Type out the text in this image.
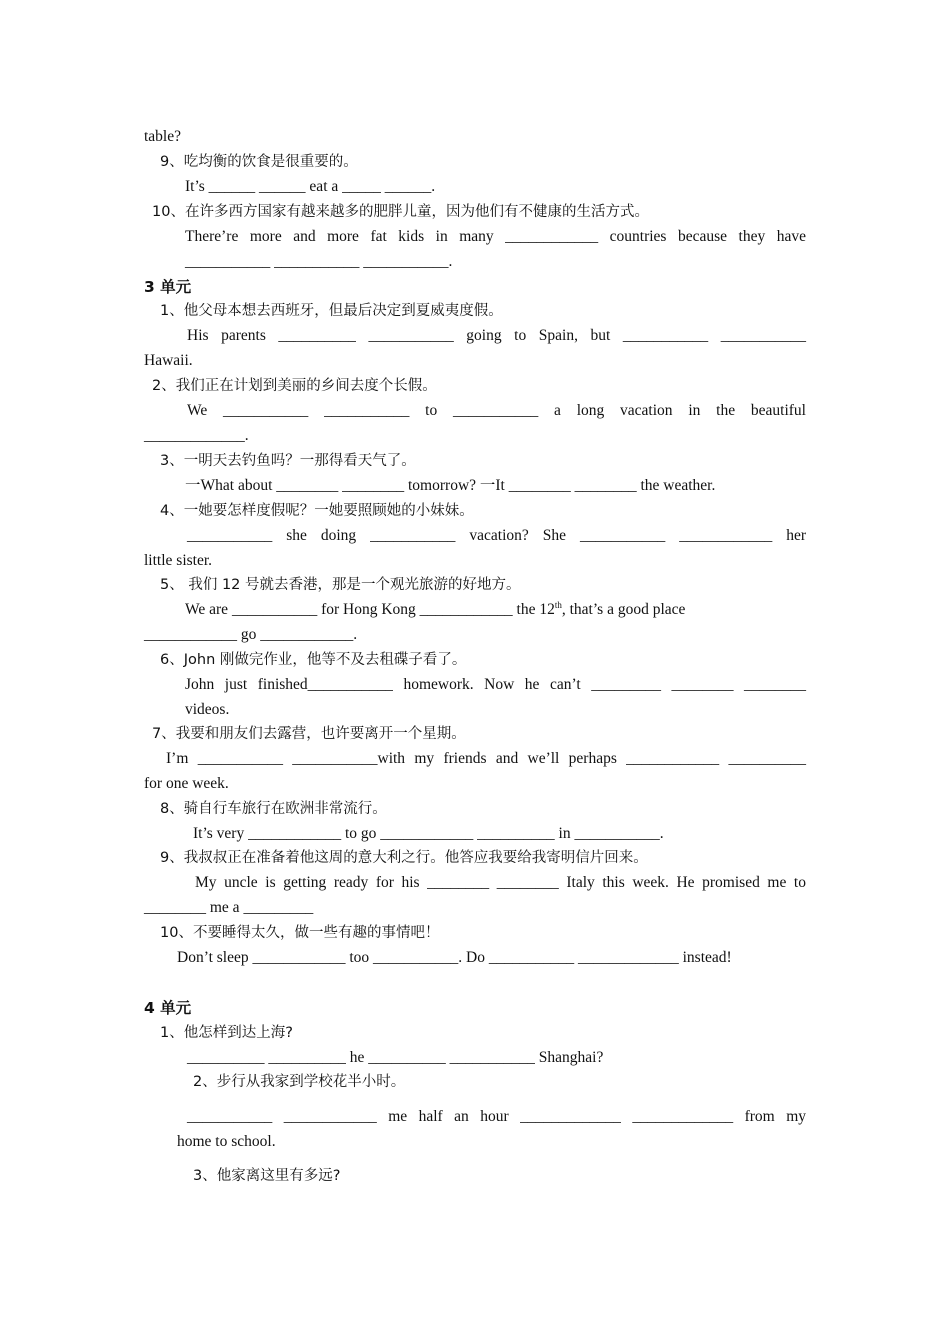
table?
9、吃均衡的饮食是很重要的。
It’s ______ ______ eat a _____ ______.
10、在许多西方国家有越来越多的肥胖儿童，因为他们有不健康的生活方式。
There’re more and more fat kids in many ____________ countries because they have
___________ ___________ ___________.
3 单元
1、他父母本想去西班牙，但最后决定到夏威夷度假。
His parents __________ ___________ going to Spain, but ___________ ___________
Hawaii.
2、我们正在计划到美丽的乡间去度个长假。
We ___________ ___________ to ___________ a long vacation in the beautiful
_____________.
3、一明天去钓鱼吗？一那得看天气了。
一What about ________ ________ tomorrow? 一It ________ ________ the weather.
4、一她要怎样度假呢？一她要照顾她的小妹妹。
___________ she doing ___________ vacation? She ___________ ____________ her
little sister.
5、 我们 12 号就去香港，那是一个观光旅游的好地方。
We are ___________ for Hong Kong ____________ the 12th, that’s a good place
____________ go ____________.
6、John 刚做完作业，他等不及去租碟子看了。
John just finished___________ homework. Now he can’t _________ ________ ________
videos.
7、我要和朋友们去露营，也许要离开一个星期。
I’m ___________ ___________with my friends and we’ll perhaps ____________ __________
for one week.
8、骑自行车旅行在欧洲非常流行。
It’s very ____________ to go ____________ __________ in ___________.
9、我叔叔正在准备着他这周的意大利之行。他答应我要给我寄明信片回来。
My uncle is getting ready for his ________ ________ Italy this week. He promised me to
________ me a _________
10、不要睡得太久，做一些有趣的事情吧！
Don’t sleep ____________ too ___________. Do ___________ _____________ instead!
4 单元
1、他怎样到达上海?
__________ __________ he __________ ___________ Shanghai?
2、步行从我家到学校花半小时。
___________ ____________ me half an hour _____________ _____________ from my
home to school.
3、他家离这里有多远?
